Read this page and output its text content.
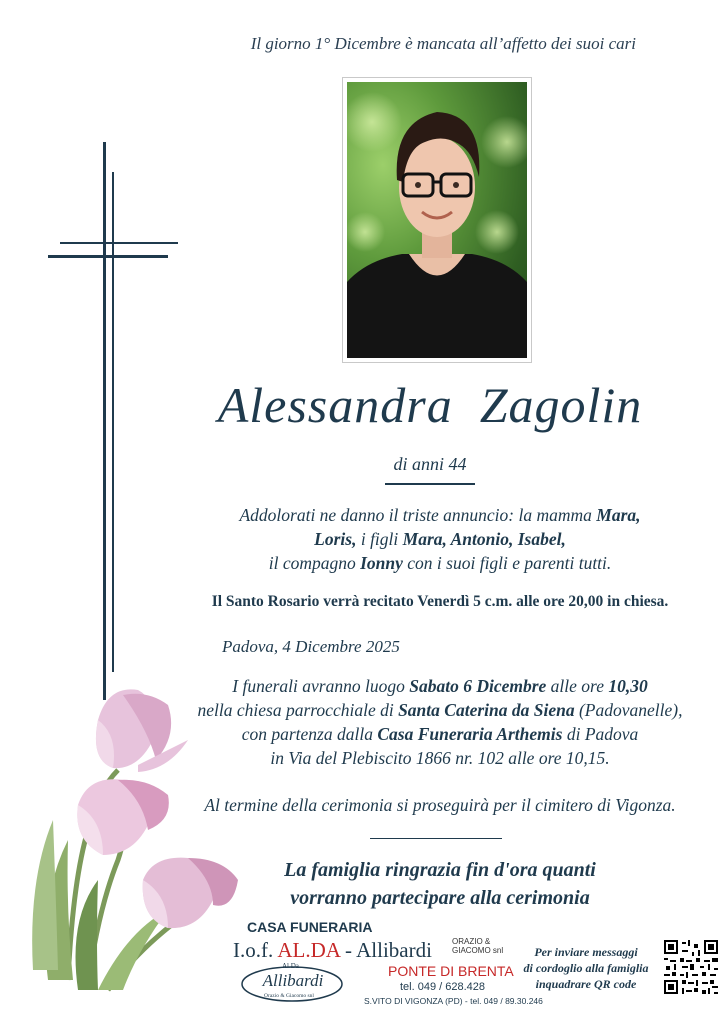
Il giorno 1° Dicembre è mancata all’affetto dei suoi cari
Alessandra  Zagolin
di anni 44
Addolorati ne danno il triste annuncio: la mamma Mara,
Loris, i figli Mara, Antonio, Isabel,
il compagno Ionny con i suoi figli e parenti tutti.
Il Santo Rosario verrà recitato Venerdì 5 c.m. alle ore 20,00 in chiesa.
Padova, 4 Dicembre 2025
I funerali avranno luogo Sabato 6 Dicembre alle ore 10,30
nella chiesa parrocchiale di Santa Caterina da Siena (Padovanelle),
con partenza dalla Casa Funeraria Arthemis di Padova
in Via del Plebiscito 1866 nr. 102 alle ore 10,15.
Al termine della cerimonia si proseguirà per il cimitero di Vigonza.
La famiglia ringrazia fin d'ora quanti
vorranno partecipare alla cerimonia
CASA FUNERARIA
I.o.f. AL.DA - Allibardi	ORAZIO &
GIACOMO snl
Al.Da
Allibardi
Orazio & Giacomo snl
PONTE DI BRENTA
tel. 049 / 628.428
S.VITO DI VIGONZA (PD) - tel. 049 / 89.30.246
Per inviare messaggi
di cordoglio alla famiglia
inquadrare QR code
